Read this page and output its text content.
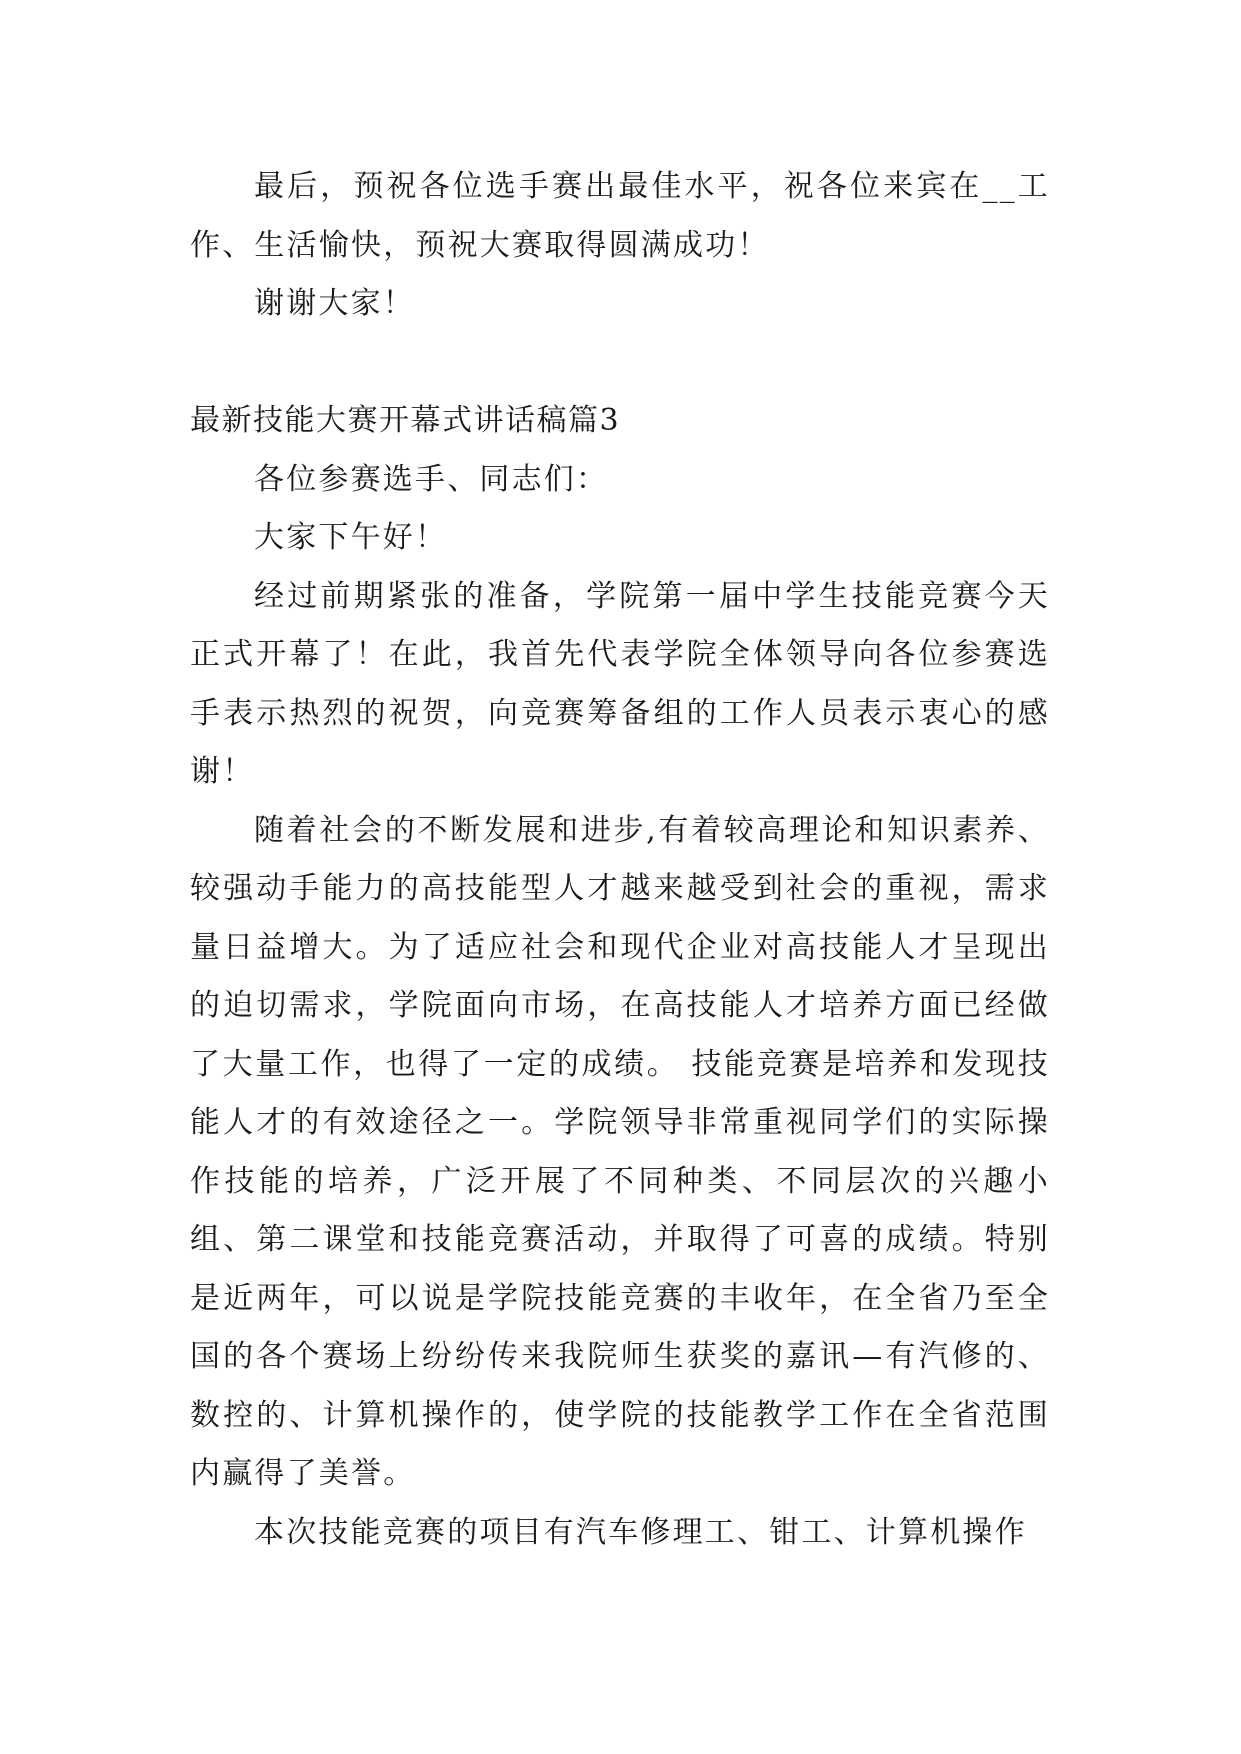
最后，预祝各位选手赛出最佳水平，祝各位来宾在__工作、生活愉快，预祝大赛取得圆满成功！

谢谢大家！

最新技能大赛开幕式讲话稿篇3

各位参赛选手、同志们：

大家下午好！

经过前期紧张的准备，学院第一届中学生技能竞赛今天正式开幕了！在此，我首先代表学院全体领导向各位参赛选手表示热烈的祝贺，向竞赛筹备组的工作人员表示衷心的感谢！

随着社会的不断发展和进步,有着较高理论和知识素养、较强动手能力的高技能型人才越来越受到社会的重视，需求量日益增大。为了适应社会和现代企业对高技能人才呈现出的迫切需求，学院面向市场，在高技能人才培养方面已经做了大量工作，也得了一定的成绩。 技能竞赛是培养和发现技能人才的有效途径之一。学院领导非常重视同学们的实际操作技能的培养，广泛开展了不同种类、不同层次的兴趣小组、第二课堂和技能竞赛活动，并取得了可喜的成绩。特别是近两年，可以说是学院技能竞赛的丰收年，在全省乃至全国的各个赛场上纷纷传来我院师生获奖的嘉讯—有汽修的、数控的、计算机操作的，使学院的技能教学工作在全省范围内赢得了美誉。

本次技能竞赛的项目有汽车修理工、钳工、计算机操作
